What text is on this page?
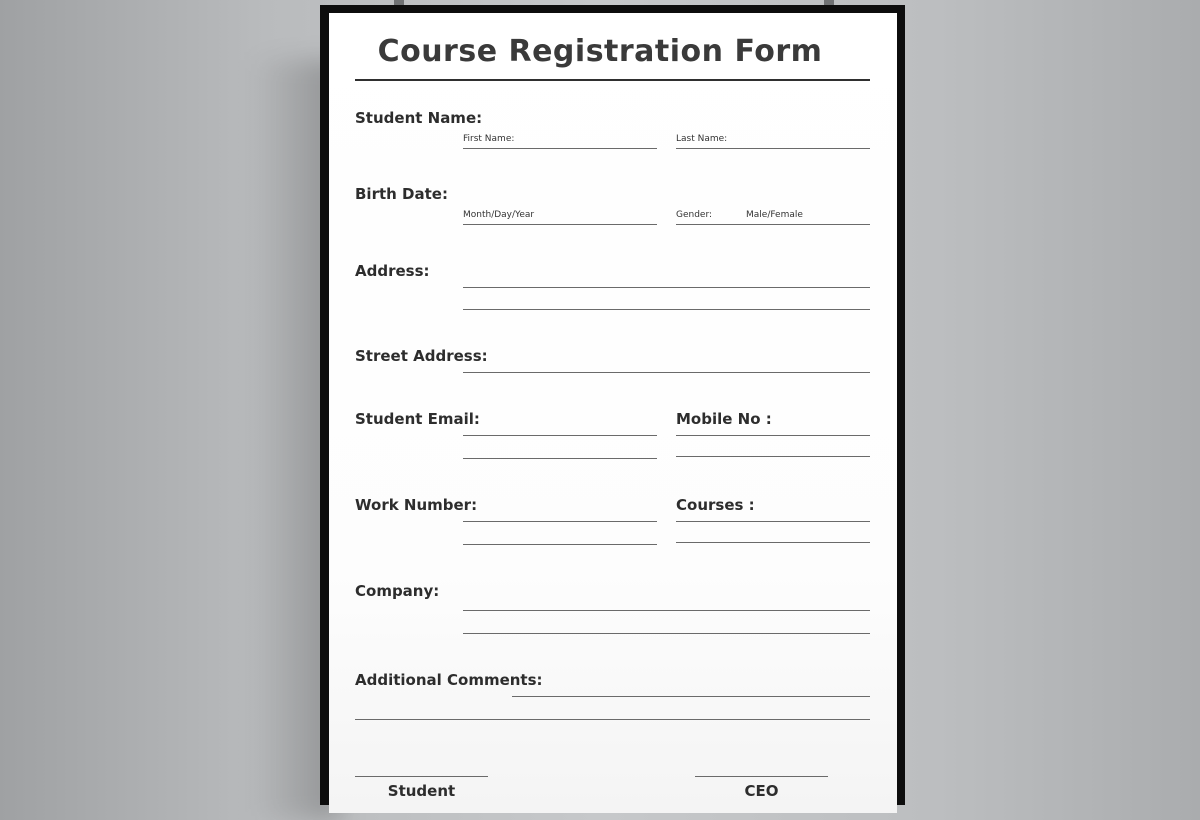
Course Registration Form
Student Name:
First Name:	Last Name:
Birth Date:
Month/Day/Year	Gender:	Male/Female
Address:
Street Address:
Student Email:	Mobile No :
Work Number:	Courses :
Company:
Additional Comments:
Student	CEO
